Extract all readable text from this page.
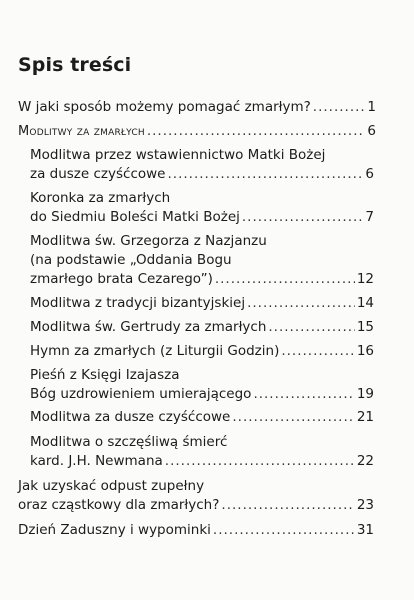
Spis treści
W jaki sposób możemy pomagać zmarłym? .....	1
Modlitwy za zmarłych .....	6
Modlitwa przez wstawiennictwo Matki Bożej
za dusze czyśćcowe .....	6
Koronka za zmarłych
do Siedmiu Boleści Matki Bożej .....	7
Modlitwa św. Grzegorza z Nazjanzu
(na podstawie „Oddania Bogu
zmarłego brata Cezarego”) .....	12
Modlitwa z tradycji bizantyjskiej .....	14
Modlitwa św. Gertrudy za zmarłych .....	15
Hymn za zmarłych (z Liturgii Godzin) .....	16
Pieśń z Księgi Izajasza
Bóg uzdrowieniem umierającego .....	19
Modlitwa za dusze czyśćcowe .....	21
Modlitwa o szczęśliwą śmierć
kard. J.H. Newmana .....	22
Jak uzyskać odpust zupełny
oraz cząstkowy dla zmarłych? .....	23
Dzień Zaduszny i wypominki .....	31
